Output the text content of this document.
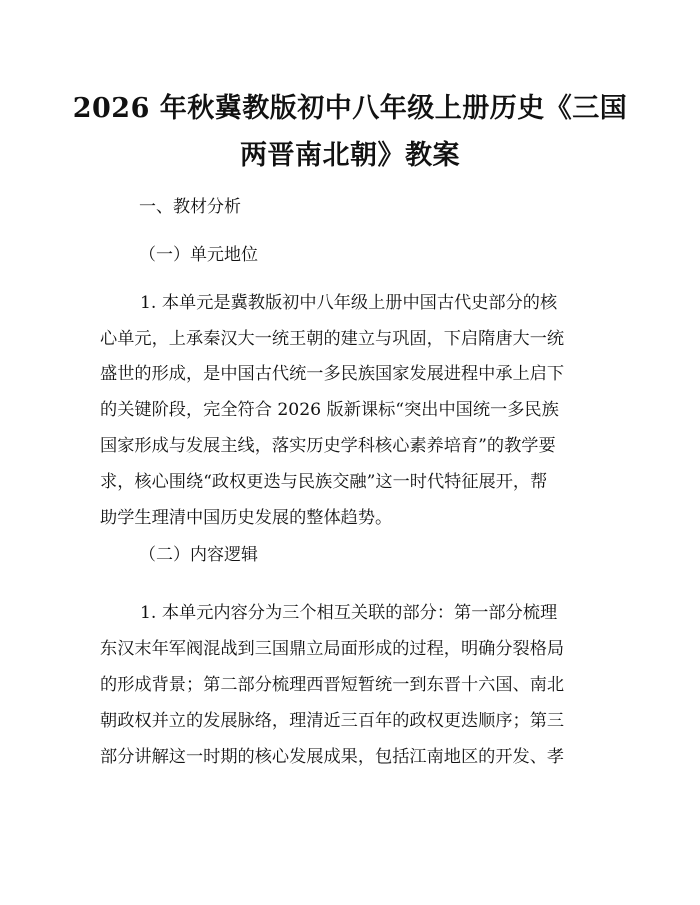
2026 年秋冀教版初中八年级上册历史《三国
两晋南北朝》教案
一、教材分析
（一）单元地位
1. 本单元是冀教版初中八年级上册中国古代史部分的核
心单元，上承秦汉大一统王朝的建立与巩固，下启隋唐大一统
盛世的形成，是中国古代统一多民族国家发展进程中承上启下
的关键阶段，完全符合 2026 版新课标“突出中国统一多民族
国家形成与发展主线，落实历史学科核心素养培育”的教学要
求，核心围绕“政权更迭与民族交融”这一时代特征展开，帮
助学生理清中国历史发展的整体趋势。
（二）内容逻辑
1. 本单元内容分为三个相互关联的部分：第一部分梳理
东汉末年军阀混战到三国鼎立局面形成的过程，明确分裂格局
的形成背景；第二部分梳理西晋短暂统一到东晋十六国、南北
朝政权并立的发展脉络，理清近三百年的政权更迭顺序；第三
部分讲解这一时期的核心发展成果，包括江南地区的开发、孝
